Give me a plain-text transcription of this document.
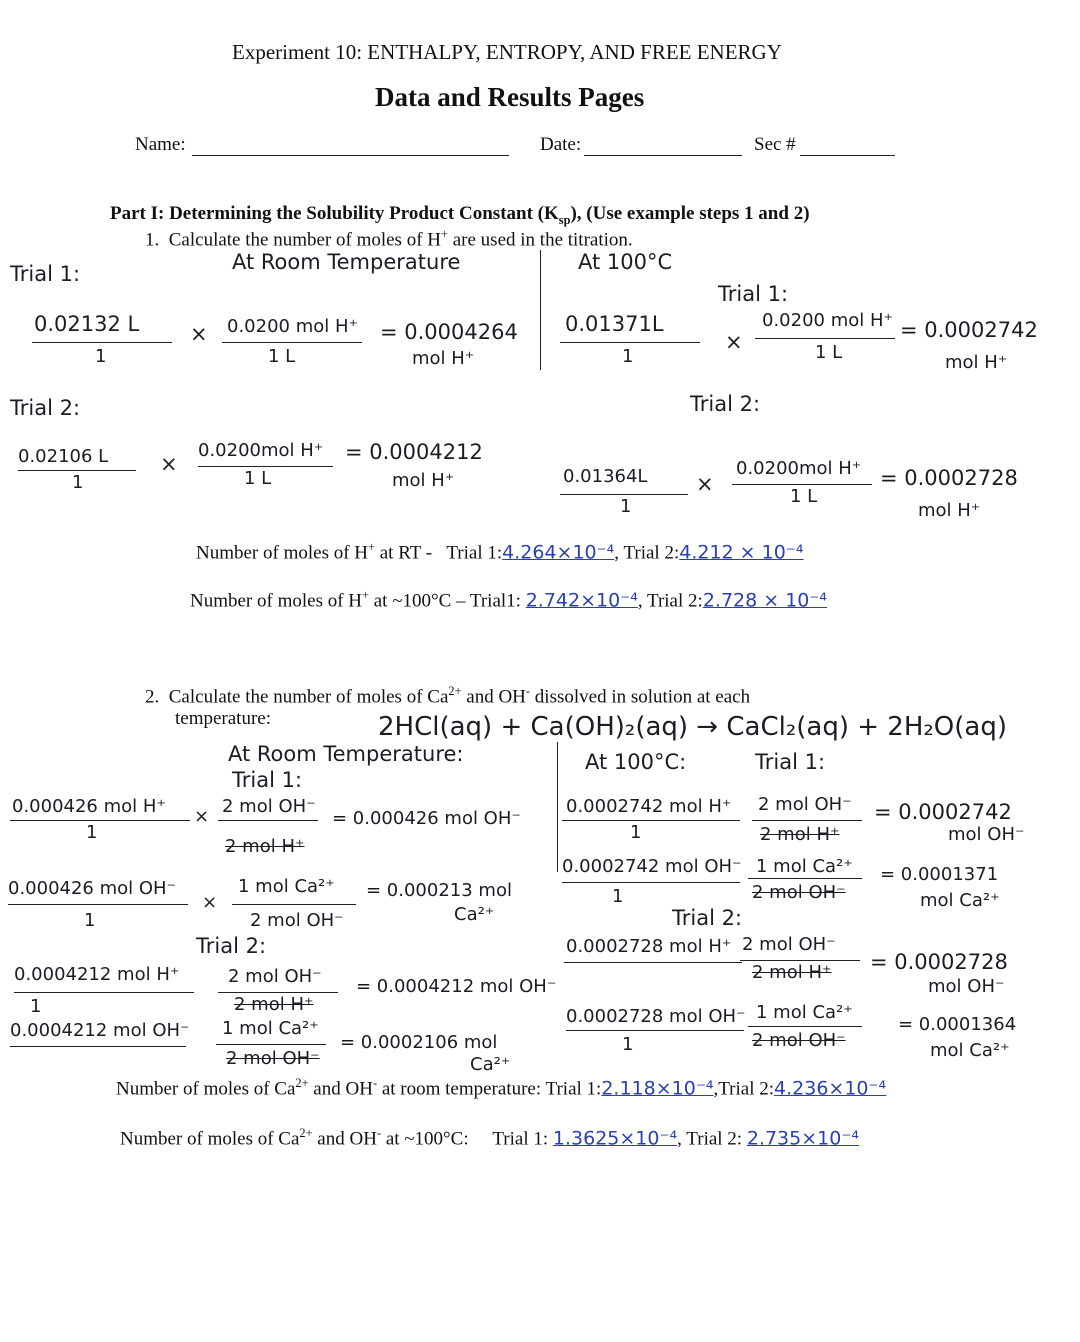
Experiment 10: ENTHALPY, ENTROPY, AND FREE ENERGY
Data and Results Pages
Name:	Date:	Sec #
Part I: Determining the Solubility Product Constant $(K_{sp})$, (Use example steps 1 and 2)
1. Calculate the number of moles of H+ are used in the titration.
Trial 1:	At Room Temperature	At 100°C
0.02132 L
1
× 0.0200 mol H⁺
1 L
= 0.0004264
mol H⁺
0.01371L
1
Trial 1:
×
0.0200 mol H⁺
1 L
= 0.0002742
mol H⁺
Trial 2:	Trial 2:
0.02106 L
1
×
0.0200mol H⁺
1 L
= 0.0004212
mol H⁺	0.01364L
1
×
0.0200mol H⁺
1 L
= 0.0002728
mol H⁺
Number of moles of H+ at RT - Trial 1:4.264×10⁻⁴, Trial 2:4.212 × 10⁻⁴
Number of moles of H+ at ~100°C – Trial1: 2.742×10⁻⁴, Trial 2:2.728 × 10⁻⁴
2. Calculate the number of moles of $Ca^{2+}$ and OH- dissolved in solution at each
temperature:	2HCl(aq) + Ca(OH)₂(aq) → CaCl₂(aq) + 2H₂O(aq)
At Room Temperature:	At 100°C:	Trial 1:
Trial 1:
0.000426 mol H⁺
1
× 2 mol OH⁻
2 mol H⁺
= 0.000426 mol OH⁻
0.000426 mol OH⁻
1
×
1 mol Ca²⁺
2 mol OH⁻
= 0.000213 mol
Ca²⁺
Trial 2:
0.0004212 mol H⁺
1
2 mol OH⁻
2 mol H⁺
= 0.0004212 mol OH⁻
0.0004212 mol OH⁻ 1 mol Ca²⁺
2 mol OH⁻
= 0.0002106 mol
Ca²⁺
0.0002742 mol H⁺
1
2 mol OH⁻
2 mol H⁺
= 0.0002742
mol OH⁻
0.0002742 mol OH⁻
1
1 mol Ca²⁺
2 mol OH⁻
= 0.0001371
mol Ca²⁺
Trial 2:
0.0002728 mol H⁺ 2 mol OH⁻
2 mol H⁺ = 0.0002728
mol OH⁻
0.0002728 mol OH⁻
1
1 mol Ca²⁺
2 mol OH⁻
= 0.0001364
mol Ca²⁺
Number of moles of $Ca^{2+}$ and OH- at room temperature: Trial 1:2.118×10⁻⁴,Trial 2:4.236×10⁻⁴
Number of moles of $Ca^{2+}$ and OH- at ~100°C: Trial 1: 1.3625×10⁻⁴, Trial 2: 2.735×10⁻⁴
